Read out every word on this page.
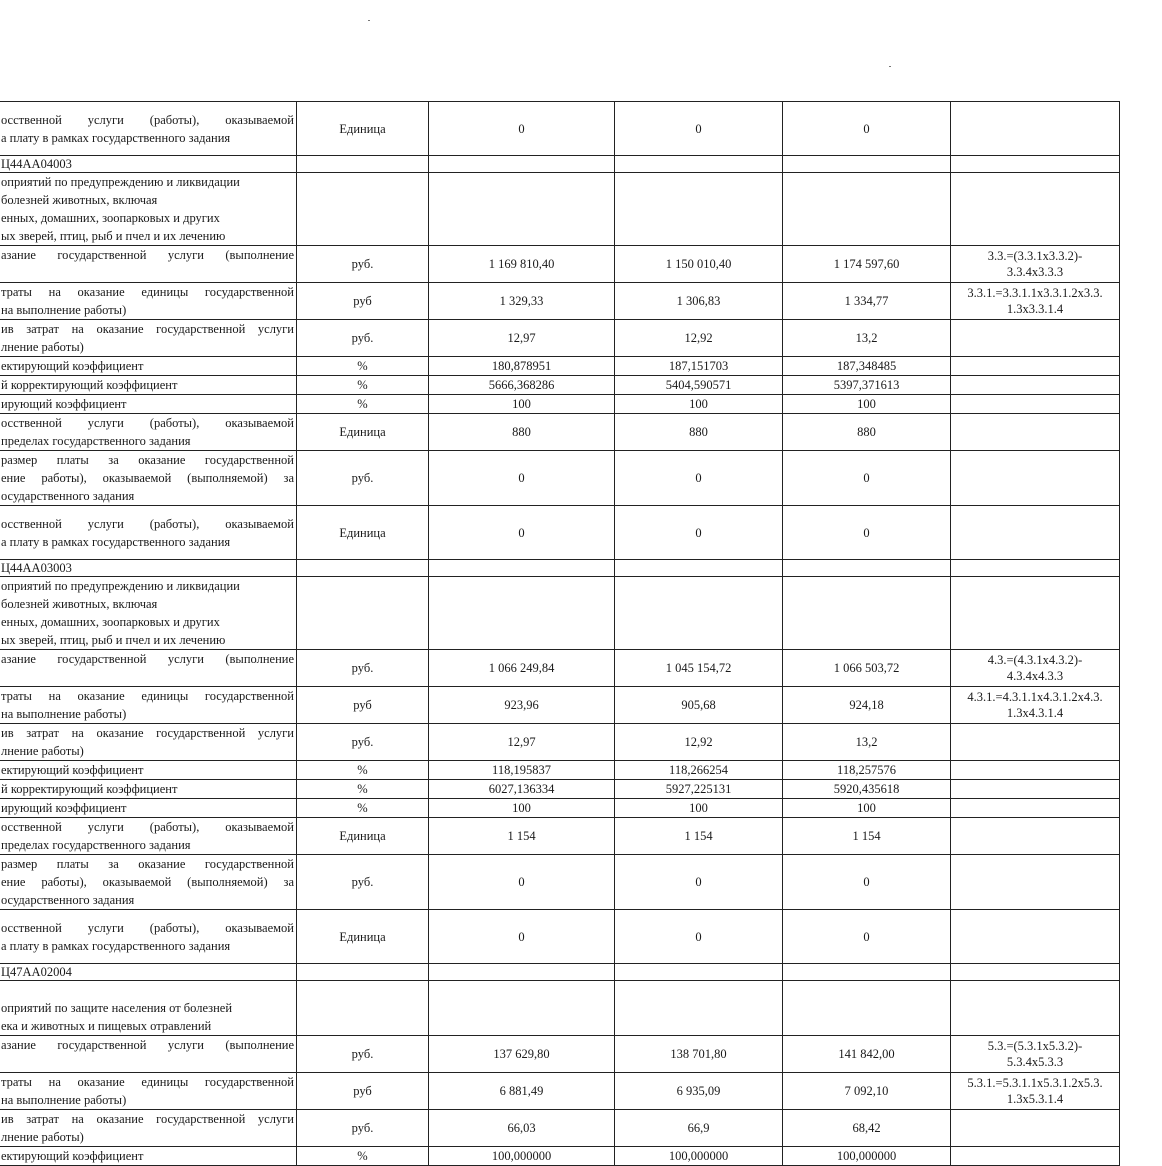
осственной услуги (работы), оказываемой
а плату в рамках государственного задания	Единица	0	0	0	
Ц44АА04003					

оприятий по предупреждению и ликвидации
болезней животных, включая
енных, домашних, зоопарковых и других
ых зверей, птиц, рыб и пчел и их лечению					

азание государственной услуги (выполнение	руб.	1 169 810,40	1 150 010,40	1 174 597,60	3.3.=(3.3.1x3.3.2)-
3.3.4x3.3.3

траты на оказание единицы государственной
на выполнение работы)	руб	1 329,33	1 306,83	1 334,77	3.3.1.=3.3.1.1x3.3.1.2x3.3.
1.3x3.3.1.4

ив затрат на оказание государственной услуги
лнение работы)	руб.	12,97	12,92	13,2	

ектирующий коэффициент	%	180,878951	187,151703	187,348485	

й корректирующий коэффициент	%	5666,368286	5404,590571	5397,371613	

ирующий коэффициент	%	100	100	100	

осственной услуги (работы), оказываемой
пределах государственного задания	Единица	880	880	880	

размер платы за оказание государственной
ение работы), оказываемой (выполняемой) за
осударственного задания	руб.	0	0	0	

осственной услуги (работы), оказываемой
а плату в рамках государственного задания	Единица	0	0	0	
Ц44АА03003					

оприятий по предупреждению и ликвидации
болезней животных, включая
енных, домашних, зоопарковых и других
ых зверей, птиц, рыб и пчел и их лечению					

азание государственной услуги (выполнение	руб.	1 066 249,84	1 045 154,72	1 066 503,72	4.3.=(4.3.1x4.3.2)-
4.3.4x4.3.3

траты на оказание единицы государственной
на выполнение работы)	руб	923,96	905,68	924,18	4.3.1.=4.3.1.1x4.3.1.2x4.3.
1.3x4.3.1.4

ив затрат на оказание государственной услуги
лнение работы)	руб.	12,97	12,92	13,2	

ектирующий коэффициент	%	118,195837	118,266254	118,257576	

й корректирующий коэффициент	%	6027,136334	5927,225131	5920,435618	

ирующий коэффициент	%	100	100	100	

осственной услуги (работы), оказываемой
пределах государственного задания	Единица	1 154	1 154	1 154	

размер платы за оказание государственной
ение работы), оказываемой (выполняемой) за
осударственного задания	руб.	0	0	0	

осственной услуги (работы), оказываемой
а плату в рамках государственного задания	Единица	0	0	0	
Ц47АА02004					

оприятий по защите населения от болезней
ека и животных и пищевых отравлений					

азание государственной услуги (выполнение	руб.	137 629,80	138 701,80	141 842,00	5.3.=(5.3.1x5.3.2)-
5.3.4x5.3.3

траты на оказание единицы государственной
на выполнение работы)	руб	6 881,49	6 935,09	7 092,10	5.3.1.=5.3.1.1x5.3.1.2x5.3.
1.3x5.3.1.4

ив затрат на оказание государственной услуги
лнение работы)	руб.	66,03	66,9	68,42	

ектирующий коэффициент	%	100,000000	100,000000	100,000000	
